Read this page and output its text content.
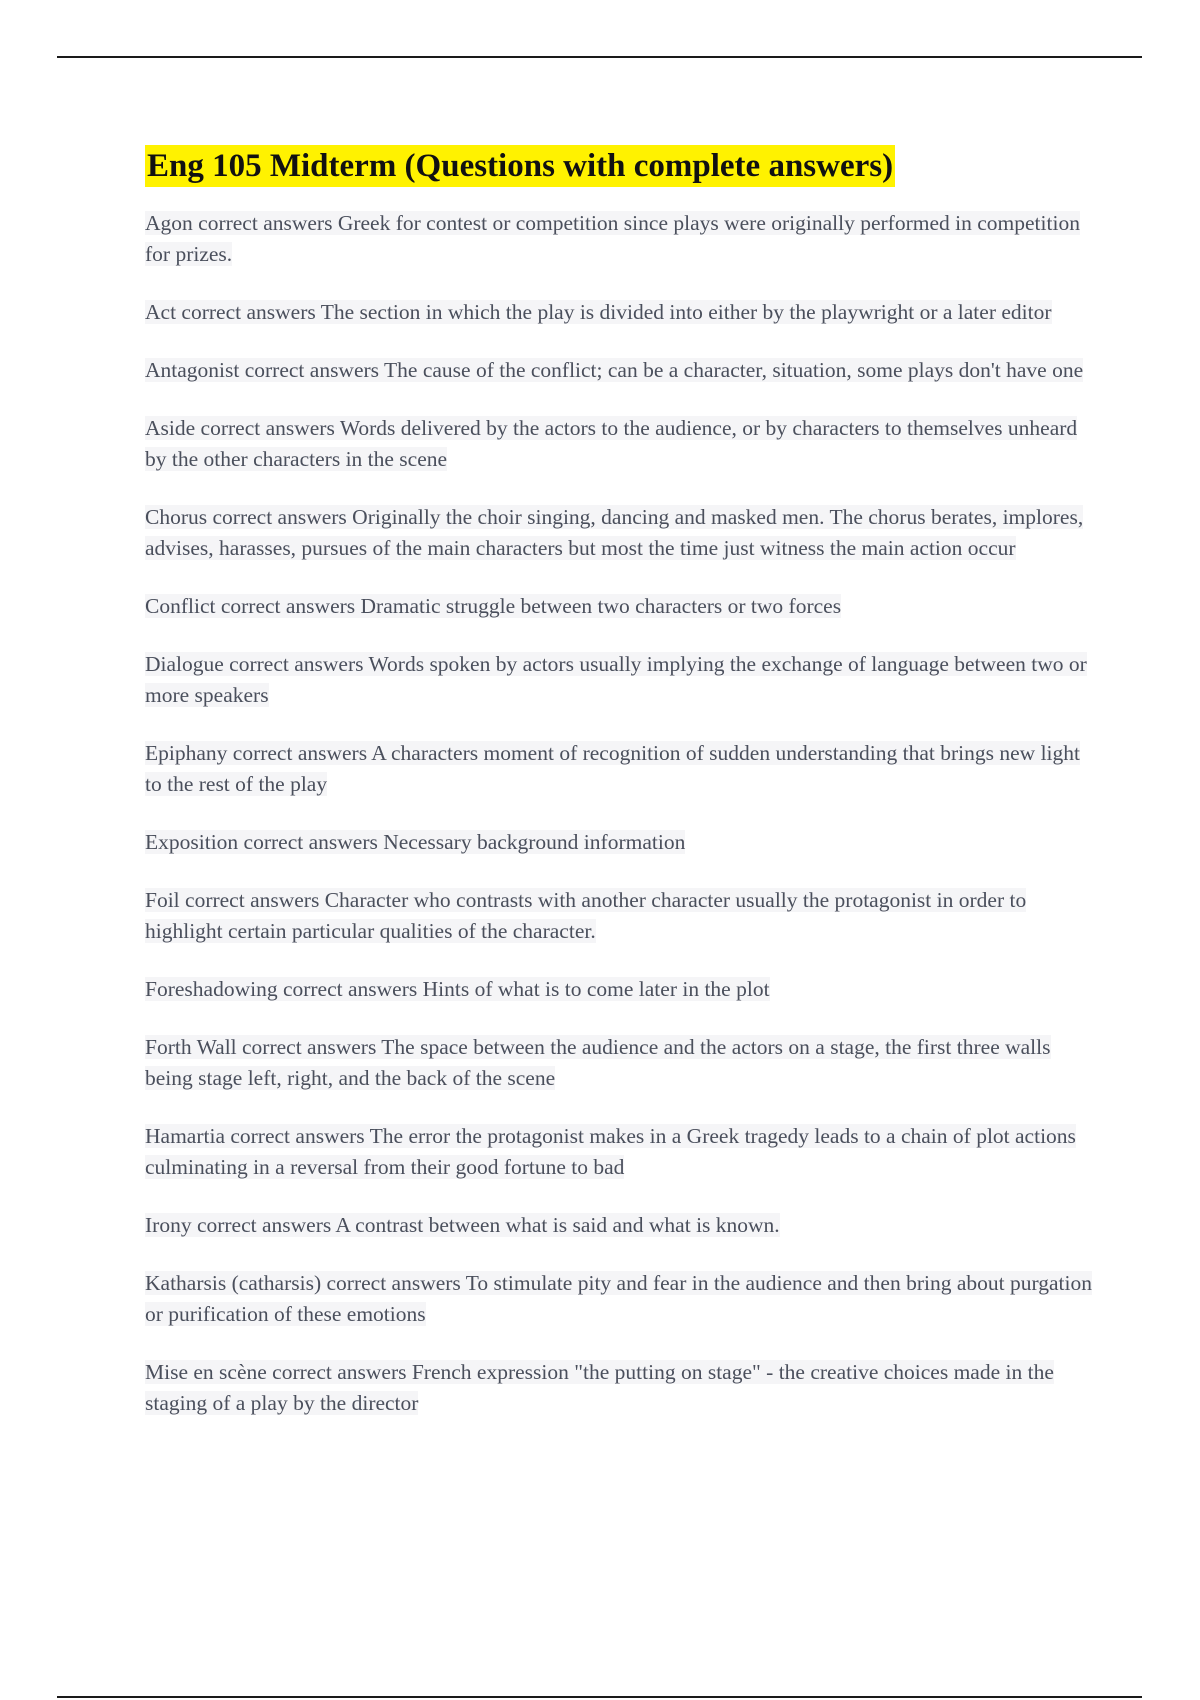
Eng 105 Midterm (Questions with complete answers)
Agon correct answers Greek for contest or competition since plays were originally performed in competition for prizes.
Act correct answers The section in which the play is divided into either by the playwright or a later editor
Antagonist correct answers The cause of the conflict; can be a character, situation, some plays don't have one
Aside correct answers Words delivered by the actors to the audience, or by characters to themselves unheard by the other characters in the scene
Chorus correct answers Originally the choir singing, dancing and masked men. The chorus berates, implores, advises, harasses, pursues of the main characters but most the time just witness the main action occur
Conflict correct answers Dramatic struggle between two characters or two forces
Dialogue correct answers Words spoken by actors usually implying the exchange of language between two or more speakers
Epiphany correct answers A characters moment of recognition of sudden understanding that brings new light to the rest of the play
Exposition correct answers Necessary background information
Foil correct answers Character who contrasts with another character usually the protagonist in order to highlight certain particular qualities of the character.
Foreshadowing correct answers Hints of what is to come later in the plot
Forth Wall correct answers The space between the audience and the actors on a stage, the first three walls being stage left, right, and the back of the scene
Hamartia correct answers The error the protagonist makes in a Greek tragedy leads to a chain of plot actions culminating in a reversal from their good fortune to bad
Irony correct answers A contrast between what is said and what is known.
Katharsis (catharsis) correct answers To stimulate pity and fear in the audience and then bring about purgation or purification of these emotions
Mise en scène correct answers French expression "the putting on stage" - the creative choices made in the staging of a play by the director
